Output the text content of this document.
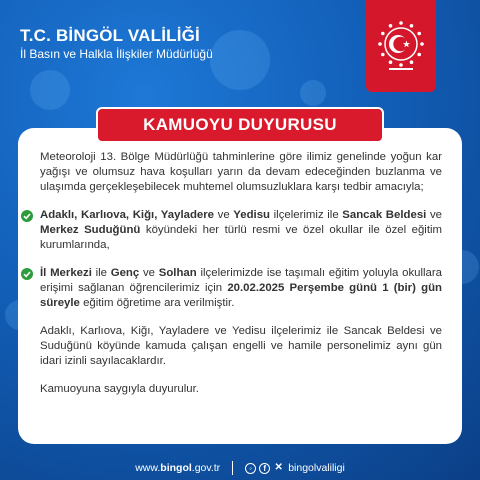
T.C. BİNGÖL VALİLİĞİ
İl Basın ve Halkla İlişkiler Müdürlüğü
KAMUOYU DUYURUSU

Meteoroloji 13. Bölge Müdürlüğü tahminlerine göre ilimiz genelinde yoğun kar yağışı ve olumsuz hava koşulları yarın da devam edeceğinden buzlanma ve ulaşımda gerçekleşebilecek muhtemel olumsuzluklara karşı tedbir amacıyla;

Adaklı, Karlıova, Kiğı, Yayladere ve Yedisu ilçelerimiz ile Sancak Beldesi ve Merkez Suduğünü köyündeki her türlü resmi ve özel okullar ile özel eğitim kurumlarında,
İl Merkezi ile Genç ve Solhan ilçelerimizde ise taşımalı eğitim yoluyla okullara erişimi sağlanan öğrencilerimiz için 20.02.2025 Perşembe günü 1 (bir) gün süreyle eğitim öğretime ara verilmiştir.

Adaklı, Karlıova, Kiğı, Yayladere ve Yedisu ilçelerimiz ile Sancak Beldesi ve Suduğünü köyünde kamuda çalışan engelli ve hamile personelimiz aynı gün idari izinli sayılacaklardır.

Kamuoyuna saygıyla duyurulur.

www.bingol.gov.tr	◦	f ✕ bingolvaliligi
